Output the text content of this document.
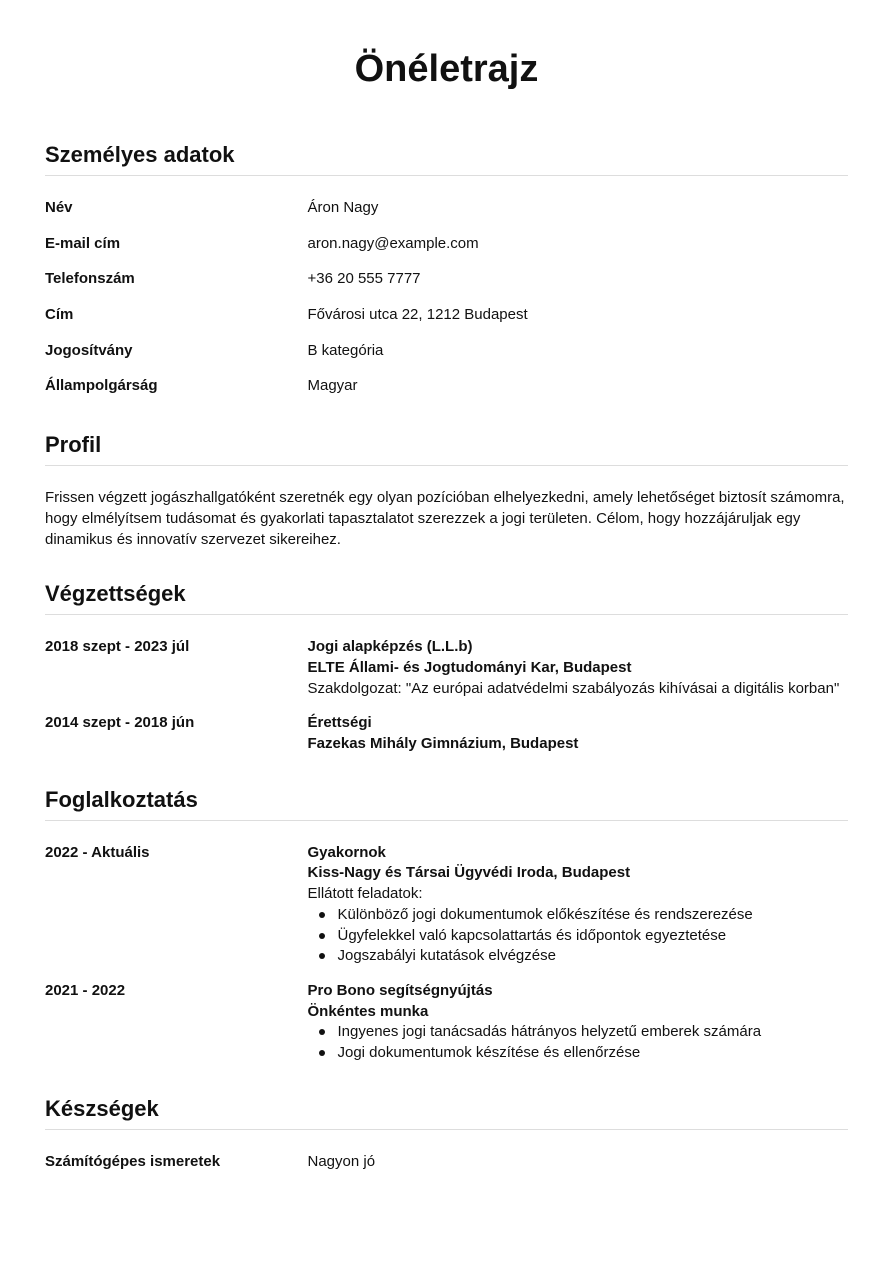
Önéletrajz
Személyes adatok
Név	Áron Nagy
E-mail cím	aron.nagy@example.com
Telefonszám	+36 20 555 7777
Cím	Fővárosi utca 22, 1212 Budapest
Jogosítvány	B kategória
Állampolgárság	Magyar
Profil

Frissen végzett jogászhallgatóként szeretnék egy olyan pozícióban elhelyezkedni, amely lehetőséget biztosít számomra, hogy elmélyítsem tudásomat és gyakorlati tapasztalatot szerezzek a jogi területen. Célom, hogy hozzájáruljak egy dinamikus és innovatív szervezet sikereihez.

Végzettségek
2018 szept - 2023 júl	Jogi alapképzés (L.L.b)
ELTE Állami- és Jogtudományi Kar, Budapest
Szakdolgozat: "Az európai adatvédelmi szabályozás kihívásai a digitális korban"
2014 szept - 2018 jún	Érettségi
Fazekas Mihály Gimnázium, Budapest
Foglalkoztatás
2022 - Aktuális	Gyakornok
Kiss-Nagy és Társai Ügyvédi Iroda, Budapest
Ellátott feladatok:
Különböző jogi dokumentumok előkészítése és rendszerezése
Ügyfelekkel való kapcsolattartás és időpontok egyeztetése
Jogszabályi kutatások elvégzése
2021 - 2022	Pro Bono segítségnyújtás
Önkéntes munka
Ingyenes jogi tanácsadás hátrányos helyzetű emberek számára
Jogi dokumentumok készítése és ellenőrzése
Készségek
Számítógépes ismeretek	Nagyon jó
